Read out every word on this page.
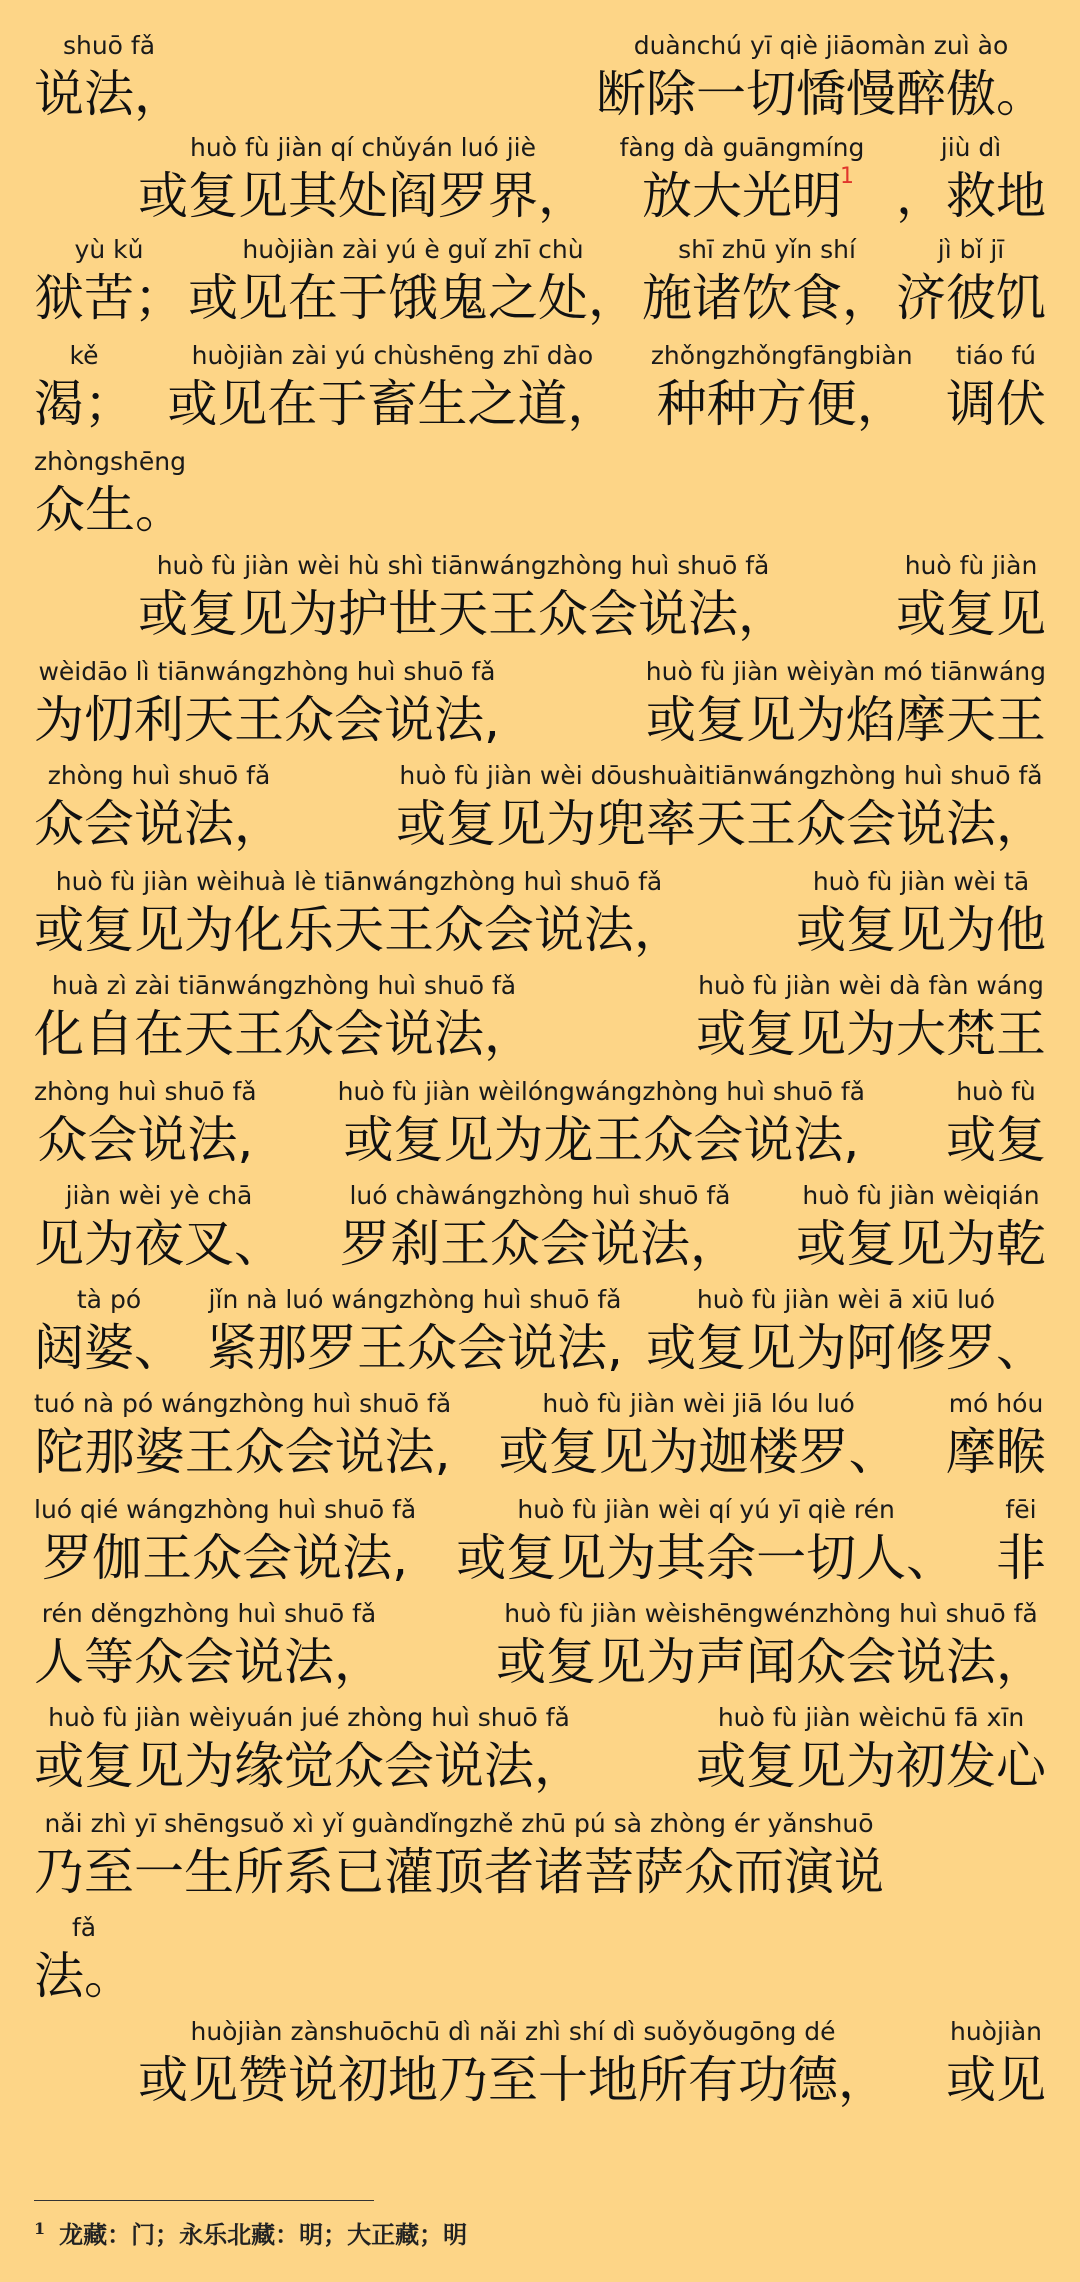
shuō fǎ
说法，
duànchú yī qiè jiāomàn zuì ào
断除一切憍慢醉傲。
huò fù jiàn qí chǔyán luó jiè
或复见其处阎罗界，
fàng dà guāngmíng
放大光明
1
jiù dì
，救地
yù kǔ
狱苦；
huòjiàn zài yú è guǐ zhī chù
或见在于饿鬼之处，
shī zhū yǐn shí
施诸饮食，
jì bǐ jī
济彼饥
kě
渴；
huòjiàn zài yú chùshēng zhī dào
或见在于畜生之道，
zhǒngzhǒngfāngbiàn
种种方便，
tiáo fú
调伏
zhòngshēng
众生。
huò fù jiàn wèi hù shì tiānwángzhòng huì shuō fǎ
或复见为护世天王众会说法，
huò fù jiàn
或复见
wèidāo lì tiānwángzhòng huì shuō fǎ
为忉利天王众会说法,
huò fù jiàn wèiyàn mó tiānwáng
或复见为焰摩天王
zhòng huì shuō fǎ
众会说法，
huò fù jiàn wèi dōushuàitiānwángzhòng huì shuō fǎ
或复见为兜率天王众会说法，
huò fù jiàn wèihuà lè tiānwángzhòng huì shuō fǎ
或复见为化乐天王众会说法，
huò fù jiàn wèi tā
或复见为他
huà zì zài tiānwángzhòng huì shuō fǎ
化自在天王众会说法，
huò fù jiàn wèi dà fàn wáng
或复见为大梵王
zhòng huì shuō fǎ
众会说法,
huò fù jiàn wèilóngwángzhòng huì shuō fǎ
或复见为龙王众会说法,
huò fù
或复
jiàn wèi yè chā
见为夜叉、
luó chàwángzhòng huì shuō fǎ
罗刹王众会说法，
huò fù jiàn wèiqián
或复见为乾
tà pó
闼婆、
jǐn nà luó wángzhòng huì shuō fǎ
紧那罗王众会说法,
huò fù jiàn wèi ā xiū luó
或复见为阿修罗、
tuó nà pó wángzhòng huì shuō fǎ
陀那婆王众会说法,
huò fù jiàn wèi jiā lóu luó
或复见为迦楼罗、
mó hóu
摩睺
luó qié wángzhòng huì shuō fǎ
罗伽王众会说法,
huò fù jiàn wèi qí yú yī qiè rén
或复见为其余一切人、
fēi
非
rén děngzhòng huì shuō fǎ
人等众会说法，
huò fù jiàn wèishēngwénzhòng huì shuō fǎ
或复见为声闻众会说法，
huò fù jiàn wèiyuán jué zhòng huì shuō fǎ
或复见为缘觉众会说法，
huò fù jiàn wèichū fā xīn
或复见为初发心
nǎi zhì yī shēngsuǒ xì yǐ guàndǐngzhě zhū pú sà zhòng ér yǎnshuō
乃至一生所系已灌顶者诸菩萨众而演说
fǎ
法。
huòjiàn zànshuōchū dì nǎi zhì shí dì suǒyǒugōng dé
或见赞说初地乃至十地所有功德，
huòjiàn
或见
$^1$ 龙藏：门；永乐北藏：明；大正藏；明
